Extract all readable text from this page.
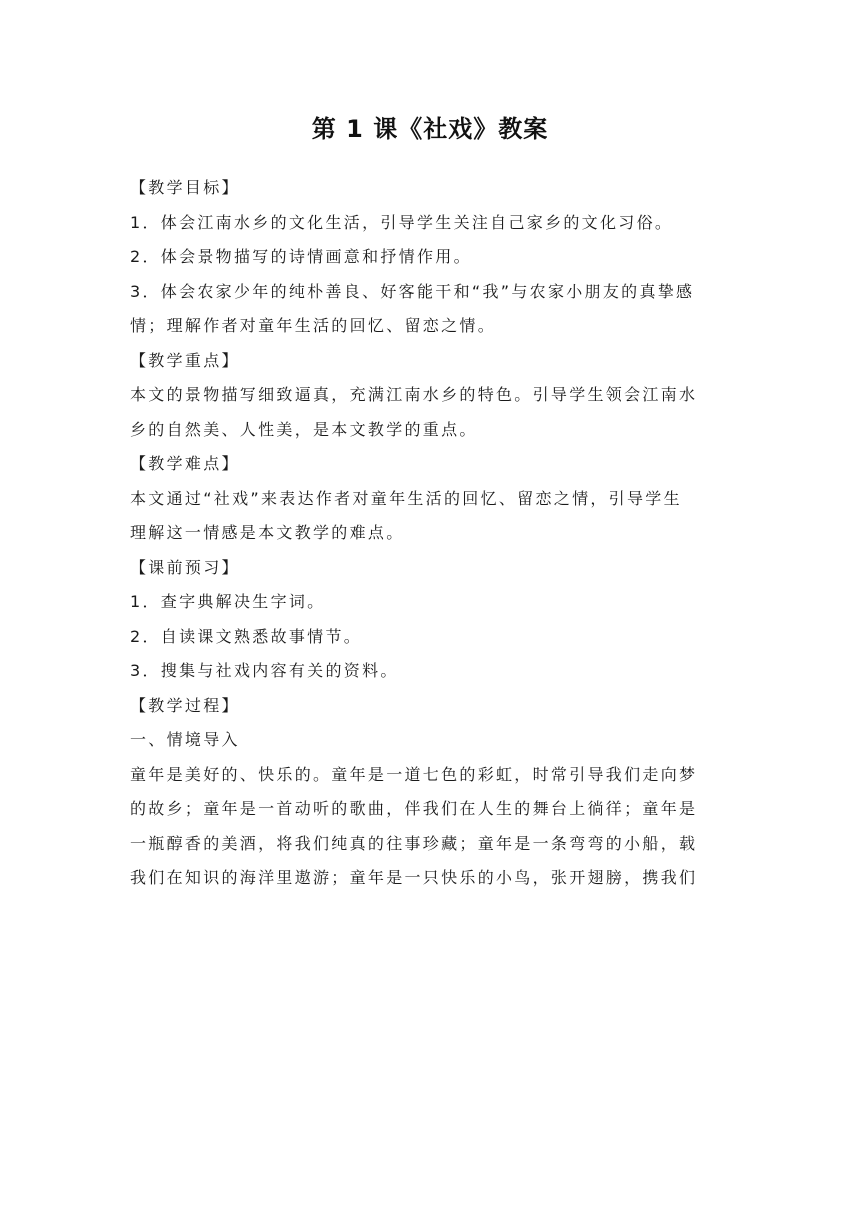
第 1 课《社戏》教案

【教学目标】

1．体会江南水乡的文化生活，引导学生关注自己家乡的文化习俗。

2．体会景物描写的诗情画意和抒情作用。

3．体会农家少年的纯朴善良、好客能干和“我”与农家小朋友的真挚感

情；理解作者对童年生活的回忆、留恋之情。

【教学重点】

本文的景物描写细致逼真，充满江南水乡的特色。引导学生领会江南水

乡的自然美、人性美，是本文教学的重点。

【教学难点】

本文通过“社戏”来表达作者对童年生活的回忆、留恋之情，引导学生

理解这一情感是本文教学的难点。

【课前预习】

1．查字典解决生字词。

2．自读课文熟悉故事情节。

3．搜集与社戏内容有关的资料。

【教学过程】

一、情境导入

童年是美好的、快乐的。童年是一道七色的彩虹，时常引导我们走向梦

的故乡；童年是一首动听的歌曲，伴我们在人生的舞台上徜徉；童年是

一瓶醇香的美酒，将我们纯真的往事珍藏；童年是一条弯弯的小船，载

我们在知识的海洋里遨游；童年是一只快乐的小鸟，张开翅膀，携我们
